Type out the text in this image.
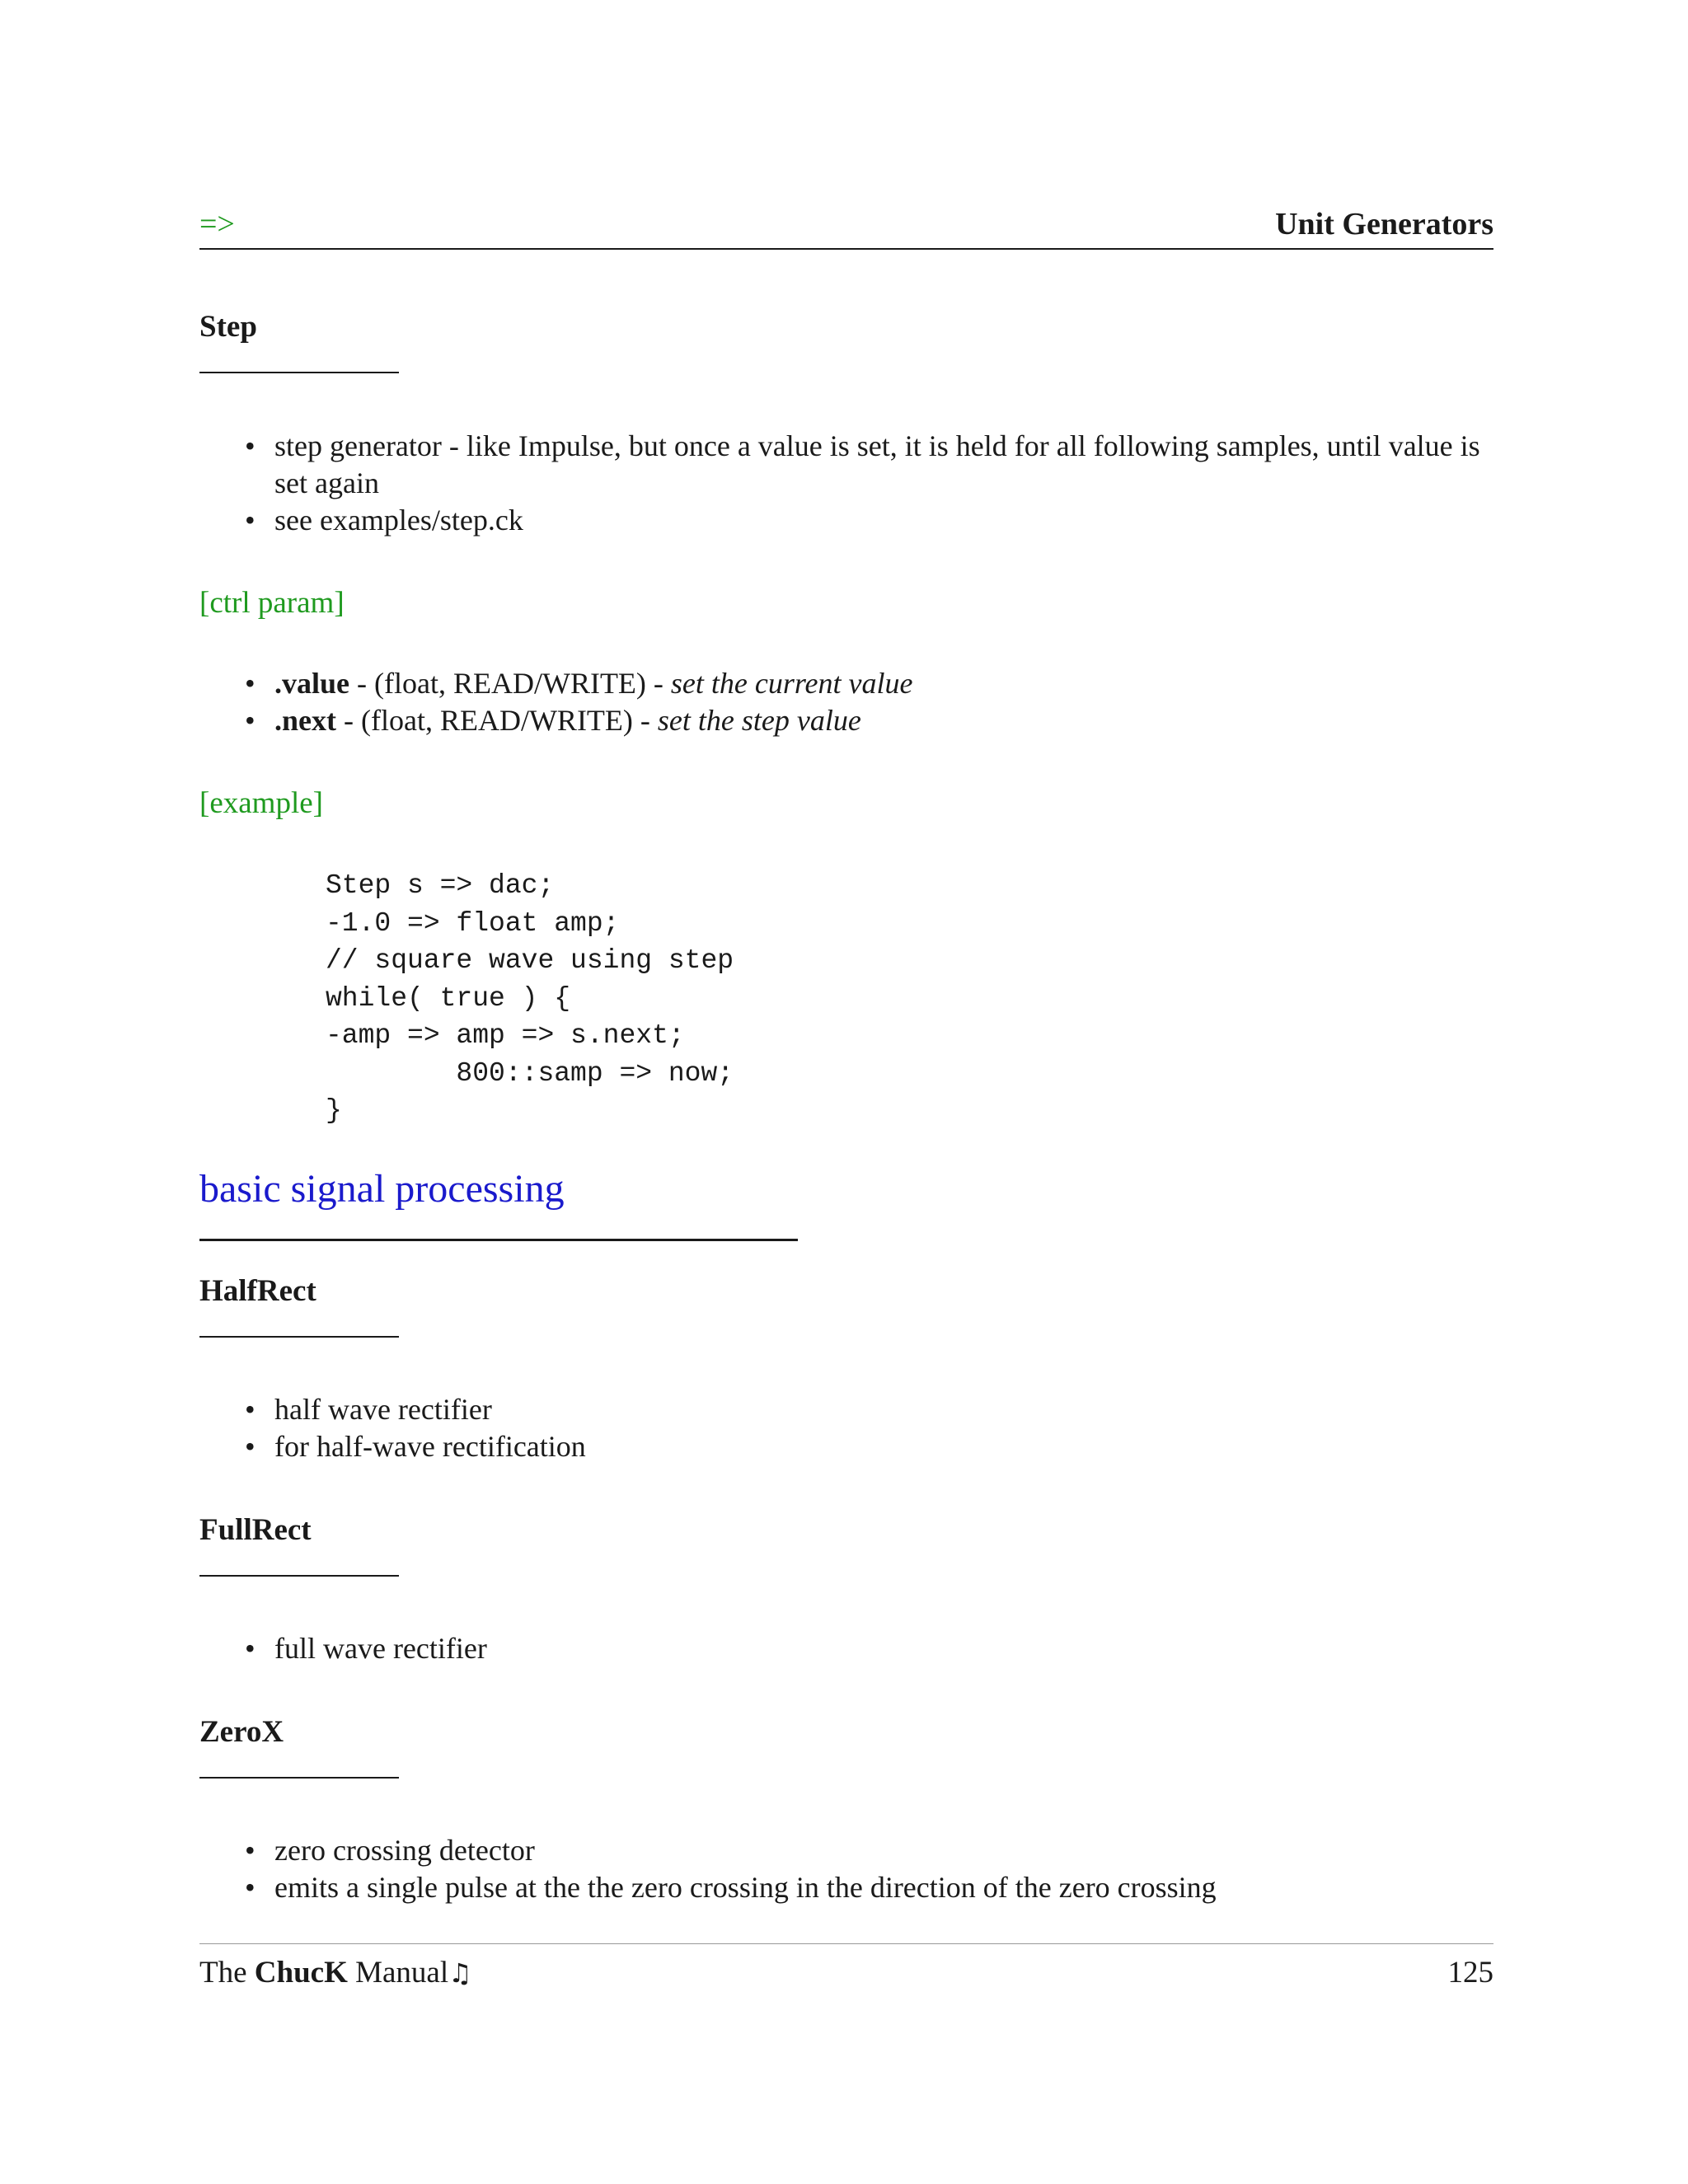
=>	Unit Generators
Step
• step generator - like Impulse, but once a value is set, it is held for all following samples, until value is set again
• see examples/step.ck
[ctrl param]
• .value - (float, READ/WRITE) - set the current value
• .next - (float, READ/WRITE) - set the step value
[example]
Step s => dac;
-1.0 => float amp;
// square wave using step
while( true ) {
-amp => amp => s.next;
800::samp => now;
}
basic signal processing
HalfRect
• half wave rectifier
• for half-wave rectification
FullRect
• full wave rectifier
ZeroX
• zero crossing detector
• emits a single pulse at the the zero crossing in the direction of the zero crossing
The ChucK Manual♫	125
